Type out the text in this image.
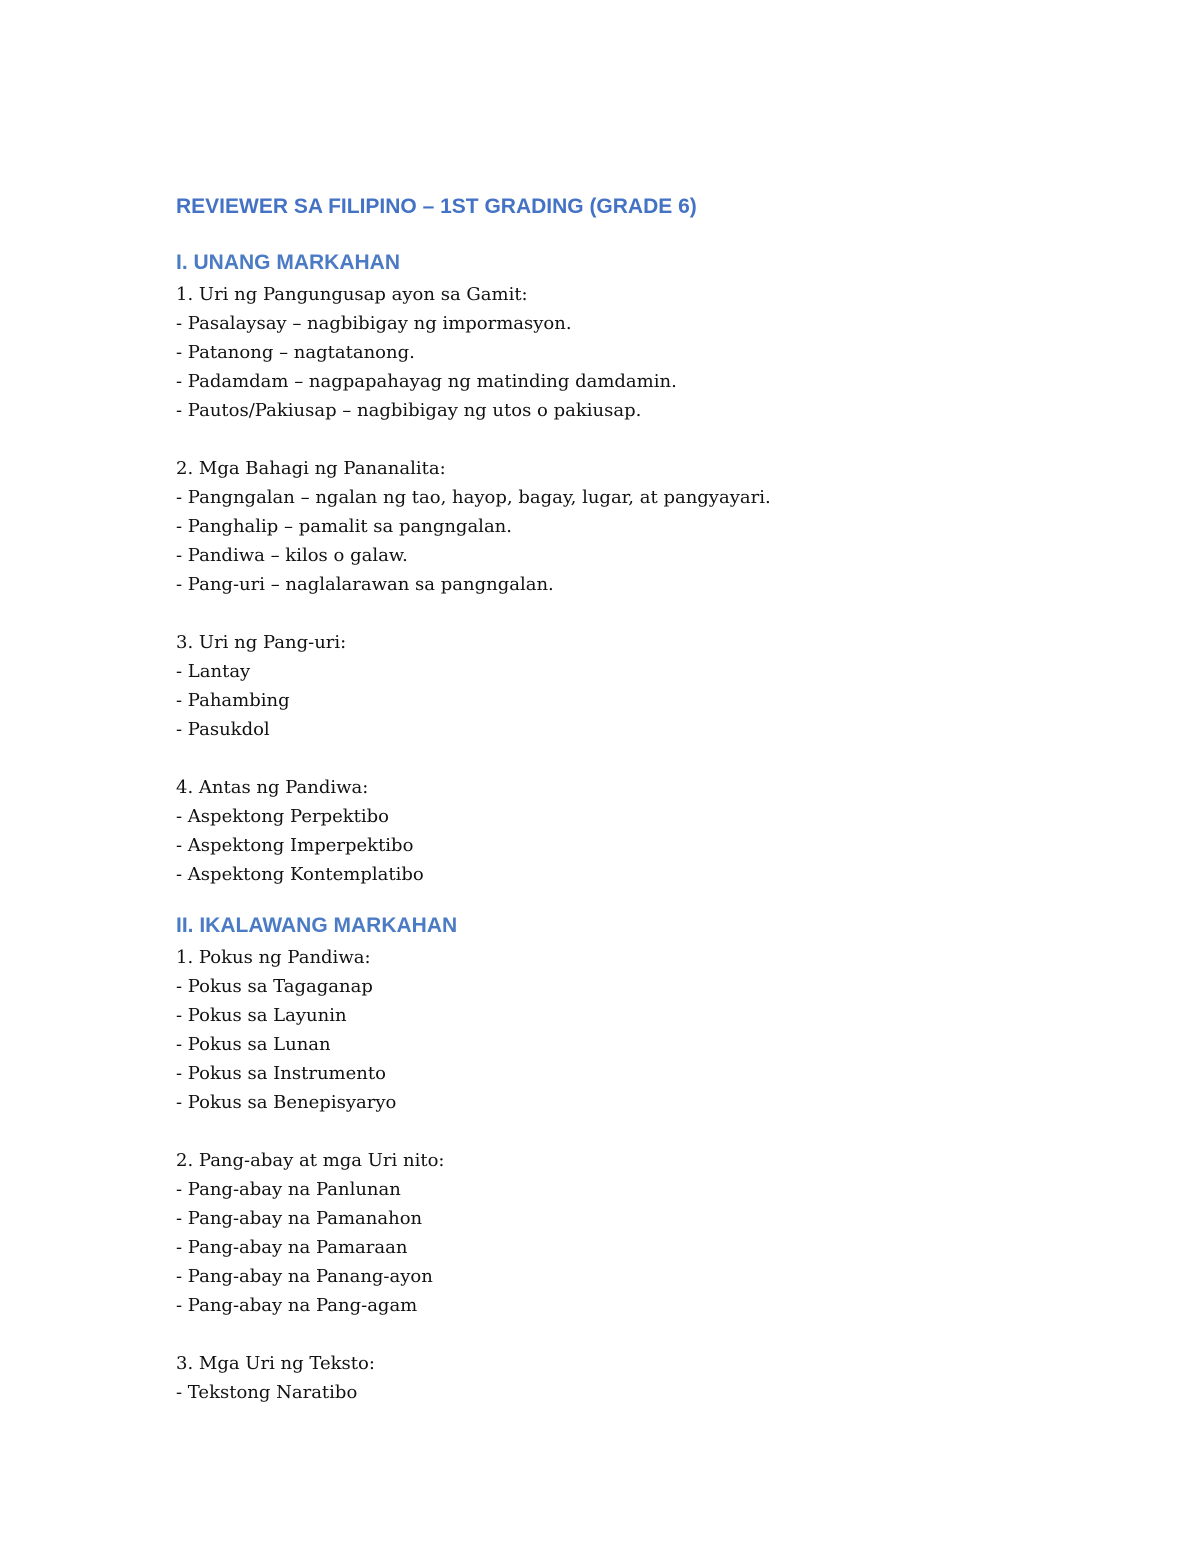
REVIEWER SA FILIPINO – 1ST GRADING (GRADE 6)
I. UNANG MARKAHAN

1. Uri ng Pangungusap ayon sa Gamit:

- Pasalaysay – nagbibigay ng impormasyon.

- Patanong – nagtatanong.

- Padamdam – nagpapahayag ng matinding damdamin.

- Pautos/Pakiusap – nagbibigay ng utos o pakiusap.

2. Mga Bahagi ng Pananalita:

- Pangngalan – ngalan ng tao, hayop, bagay, lugar, at pangyayari.

- Panghalip – pamalit sa pangngalan.

- Pandiwa – kilos o galaw.

- Pang-uri – naglalarawan sa pangngalan.

3. Uri ng Pang-uri:

- Lantay

- Pahambing

- Pasukdol

4. Antas ng Pandiwa:

- Aspektong Perpektibo

- Aspektong Imperpektibo

- Aspektong Kontemplatibo

II. IKALAWANG MARKAHAN

1. Pokus ng Pandiwa:

- Pokus sa Tagaganap

- Pokus sa Layunin

- Pokus sa Lunan

- Pokus sa Instrumento

- Pokus sa Benepisyaryo

2. Pang-abay at mga Uri nito:

- Pang-abay na Panlunan

- Pang-abay na Pamanahon

- Pang-abay na Pamaraan

- Pang-abay na Panang-ayon

- Pang-abay na Pang-agam

3. Mga Uri ng Teksto:

- Tekstong Naratibo
